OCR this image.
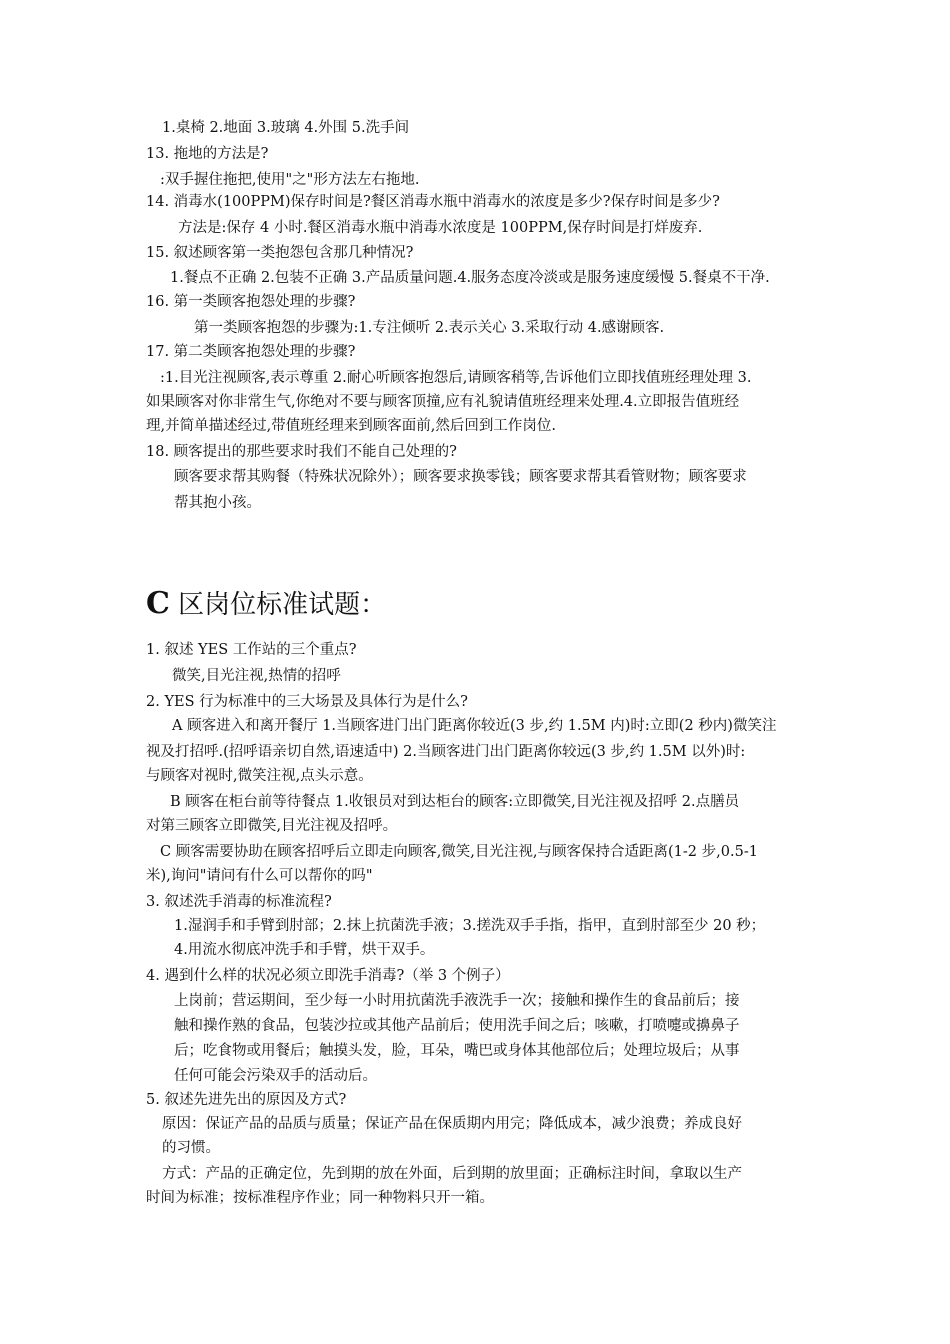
1.桌椅 2.地面 3.玻璃 4.外围 5.洗手间
13. 拖地的方法是?
:双手握住拖把,使用"之"形方法左右拖地.
14. 消毒水(100PPM)保存时间是?餐区消毒水瓶中消毒水的浓度是多少?保存时间是多少?
方法是:保存 4 小时.餐区消毒水瓶中消毒水浓度是 100PPM,保存时间是打烊废弃.
15. 叙述顾客第一类抱怨包含那几种情况?
1.餐点不正确 2.包装不正确 3.产品质量问题.4.服务态度冷淡或是服务速度缓慢 5.餐桌不干净.
16. 第一类顾客抱怨处理的步骤?
第一类顾客抱怨的步骤为:1.专注倾听 2.表示关心 3.采取行动 4.感谢顾客.
17. 第二类顾客抱怨处理的步骤?
:1.目光注视顾客,表示尊重 2.耐心听顾客抱怨后,请顾客稍等,告诉他们立即找值班经理处理 3.
如果顾客对你非常生气,你绝对不要与顾客顶撞,应有礼貌请值班经理来处理.4.立即报告值班经
理,并简单描述经过,带值班经理来到顾客面前,然后回到工作岗位.
18. 顾客提出的那些要求时我们不能自己处理的?
顾客要求帮其购餐（特殊状况除外）；顾客要求换零钱；顾客要求帮其看管财物；顾客要求
帮其抱小孩。
C 区岗位标准试题：
1. 叙述 YES 工作站的三个重点?
微笑,目光注视,热情的招呼
2. YES 行为标准中的三大场景及具体行为是什么?
A 顾客进入和离开餐厅 1.当顾客进门出门距离你较近(3 步,约 1.5M 内)时:立即(2 秒内)微笑注
视及打招呼.(招呼语亲切自然,语速适中) 2.当顾客进门出门距离你较远(3 步,约 1.5M 以外)时:
与顾客对视时,微笑注视,点头示意。
B 顾客在柜台前等待餐点 1.收银员对到达柜台的顾客:立即微笑,目光注视及招呼 2.点膳员
对第三顾客立即微笑,目光注视及招呼。
C 顾客需要协助在顾客招呼后立即走向顾客,微笑,目光注视,与顾客保持合适距离(1-2 步,0.5-1
米),询问"请问有什么可以帮你的吗"
3. 叙述洗手消毒的标准流程?
1.湿润手和手臂到肘部；2.抹上抗菌洗手液；3.搓洗双手手指，指甲，直到肘部至少 20 秒；
4.用流水彻底冲洗手和手臂，烘干双手。
4. 遇到什么样的状况必须立即洗手消毒?（举 3 个例子）
上岗前；营运期间，至少每一小时用抗菌洗手液洗手一次；接触和操作生的食品前后；接
触和操作熟的食品，包装沙拉或其他产品前后；使用洗手间之后；咳嗽，打喷嚏或擤鼻子
后；吃食物或用餐后；触摸头发，脸，耳朵，嘴巴或身体其他部位后；处理垃圾后；从事
任何可能会污染双手的活动后。
5. 叙述先进先出的原因及方式?
原因：保证产品的品质与质量；保证产品在保质期内用完；降低成本，减少浪费；养成良好
的习惯。
方式：产品的正确定位，先到期的放在外面，后到期的放里面；正确标注时间，拿取以生产
时间为标准；按标准程序作业；同一种物料只开一箱。
